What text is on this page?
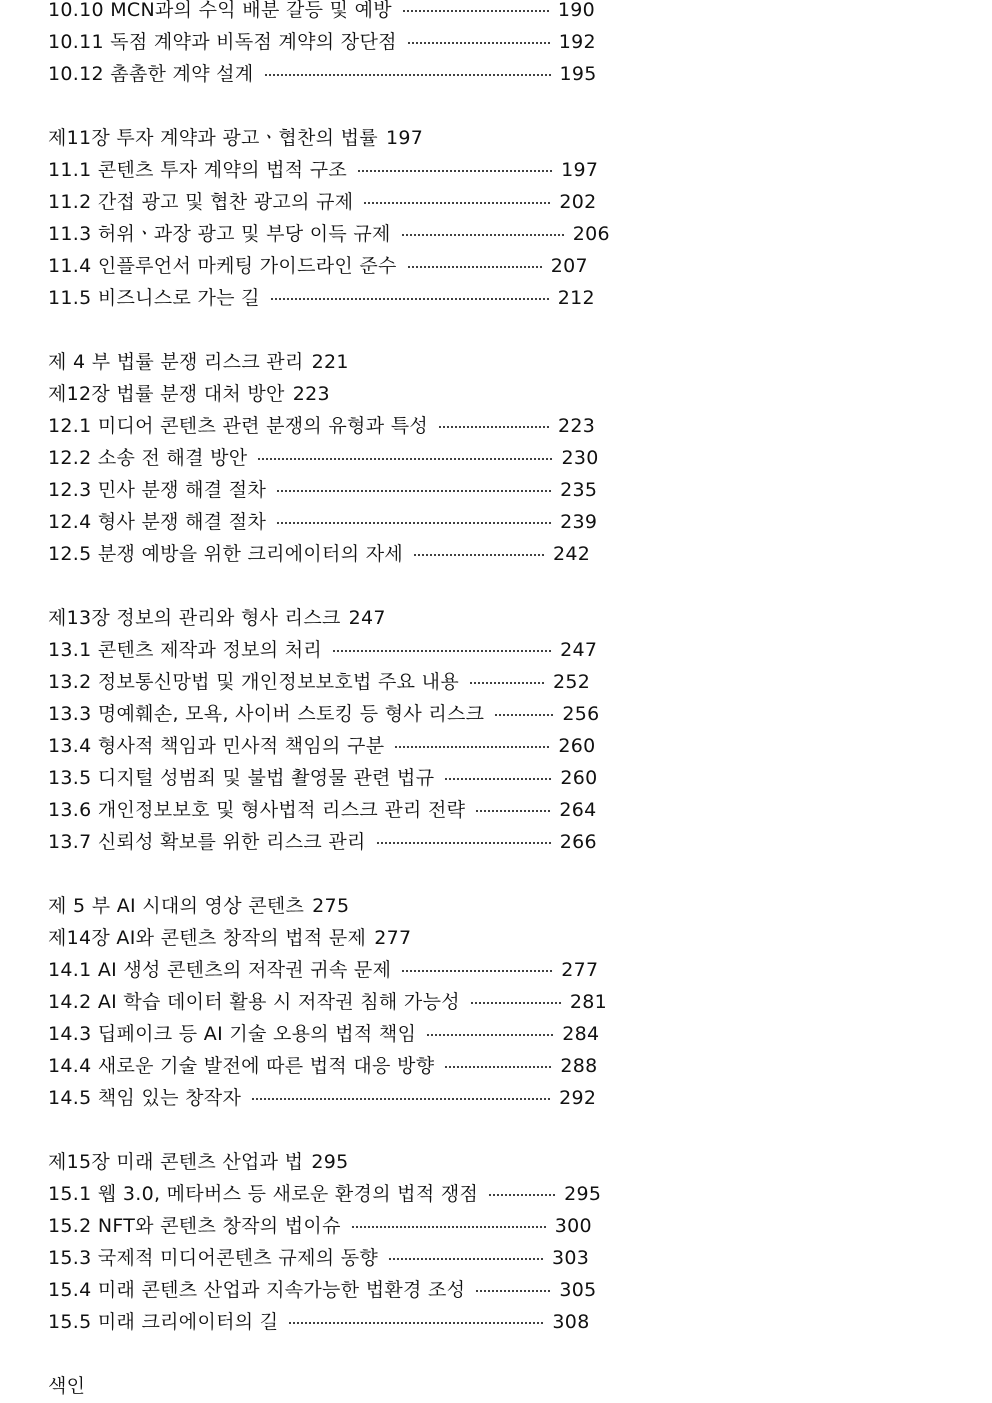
10.10 MCN과의 수익 배분 갈등 및 예방	190
10.11 독점 계약과 비독점 계약의 장단점	192
10.12 촘촘한 계약 설계	195
제11장 투자 계약과 광고ㆍ협찬의 법률 197
11.1 콘텐츠 투자 계약의 법적 구조	197
11.2 간접 광고 및 협찬 광고의 규제	202
11.3 허위ㆍ과장 광고 및 부당 이득 규제	206
11.4 인플루언서 마케팅 가이드라인 준수	207
11.5 비즈니스로 가는 길	212
제 4 부 법률 분쟁 리스크 관리 221
제12장 법률 분쟁 대처 방안 223
12.1 미디어 콘텐츠 관련 분쟁의 유형과 특성	223
12.2 소송 전 해결 방안	230
12.3 민사 분쟁 해결 절차	235
12.4 형사 분쟁 해결 절차	239
12.5 분쟁 예방을 위한 크리에이터의 자세	242
제13장 정보의 관리와 형사 리스크 247
13.1 콘텐츠 제작과 정보의 처리	247
13.2 정보통신망법 및 개인정보보호법 주요 내용	252
13.3 명예훼손, 모욕, 사이버 스토킹 등 형사 리스크	256
13.4 형사적 책임과 민사적 책임의 구분	260
13.5 디지털 성범죄 및 불법 촬영물 관련 법규	260
13.6 개인정보보호 및 형사법적 리스크 관리 전략	264
13.7 신뢰성 확보를 위한 리스크 관리	266
제 5 부 AI 시대의 영상 콘텐츠 275
제14장 AI와 콘텐츠 창작의 법적 문제 277
14.1 AI 생성 콘텐츠의 저작권 귀속 문제	277
14.2 AI 학습 데이터 활용 시 저작권 침해 가능성	281
14.3 딥페이크 등 AI 기술 오용의 법적 책임	284
14.4 새로운 기술 발전에 따른 법적 대응 방향	288
14.5 책임 있는 창작자	292
제15장 미래 콘텐츠 산업과 법 295
15.1 웹 3.0, 메타버스 등 새로운 환경의 법적 쟁점	295
15.2 NFT와 콘텐츠 창작의 법이슈	300
15.3 국제적 미디어콘텐츠 규제의 동향	303
15.4 미래 콘텐츠 산업과 지속가능한 법환경 조성	305
15.5 미래 크리에이터의 길	308
색인
